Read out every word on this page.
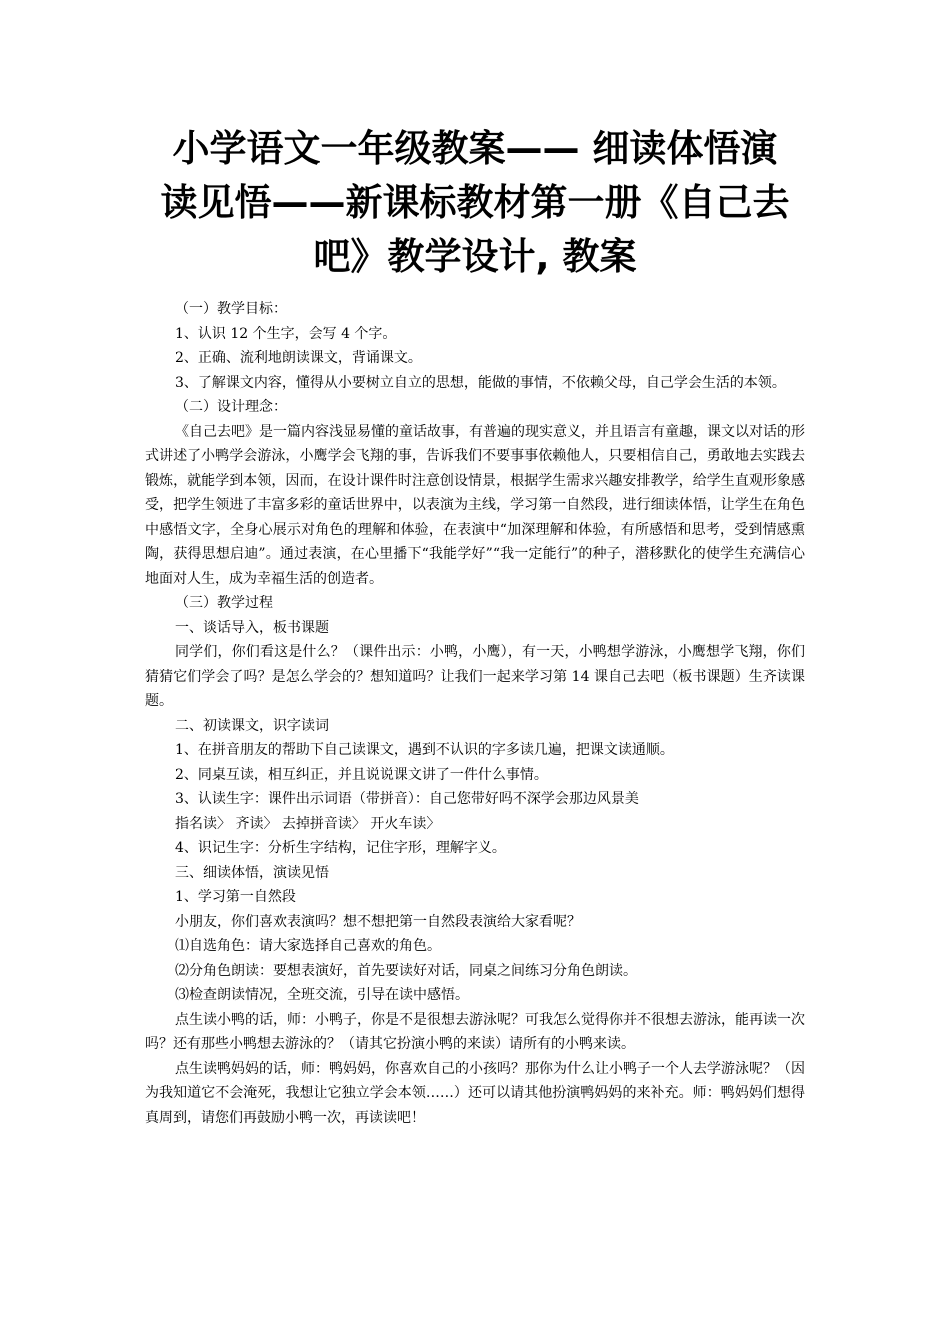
小学语文一年级教案—— 细读体悟演
读见悟——新课标教材第一册《自己去
吧》教学设计, 教案

（一）教学目标：

1、认识 12 个生字，会写 4 个字。

2、正确、流利地朗读课文，背诵课文。

3、了解课文内容，懂得从小要树立自立的思想，能做的事情，不依赖父母，自己学会生活的本领。

（二）设计理念：

《自己去吧》是一篇内容浅显易懂的童话故事，有普遍的现实意义，并且语言有童趣，课文以对话的形式讲述了小鸭学会游泳，小鹰学会飞翔的事，告诉我们不要事事依赖他人，只要相信自己，勇敢地去实践去锻炼，就能学到本领，因而，在设计课件时注意创设情景，根据学生需求兴趣安排教学，给学生直观形象感受，把学生领进了丰富多彩的童话世界中，以表演为主线，学习第一自然段，进行细读体悟，让学生在角色中感悟文字，全身心展示对角色的理解和体验，在表演中“加深理解和体验，有所感悟和思考，受到情感熏陶，获得思想启迪”。通过表演，在心里播下“我能学好”“我一定能行”的种子，潜移默化的使学生充满信心地面对人生，成为幸福生活的创造者。

（三）教学过程

一、谈话导入，板书课题

同学们，你们看这是什么？（课件出示：小鸭，小鹰），有一天，小鸭想学游泳，小鹰想学飞翔，你们猜猜它们学会了吗？是怎么学会的？想知道吗？让我们一起来学习第 14 课自己去吧（板书课题）生齐读课题。

二、初读课文，识字读词

1、在拼音朋友的帮助下自己读课文，遇到不认识的字多读几遍，把课文读通顺。

2、同桌互读，相互纠正，并且说说课文讲了一件什么事情。

3、认读生字：课件出示词语（带拼音）：自己您带好吗不深学会那边风景美

指名读〉 齐读〉 去掉拼音读〉 开火车读〉

4、识记生字：分析生字结构，记住字形，理解字义。

三、细读体悟，演读见悟

1、学习第一自然段

小朋友，你们喜欢表演吗？想不想把第一自然段表演给大家看呢？

⑴自选角色：请大家选择自己喜欢的角色。

⑵分角色朗读：要想表演好，首先要读好对话，同桌之间练习分角色朗读。

⑶检查朗读情况，全班交流，引导在读中感悟。

点生读小鸭的话，师：小鸭子，你是不是很想去游泳呢？可我怎么觉得你并不很想去游泳，能再读一次吗？还有那些小鸭想去游泳的？（请其它扮演小鸭的来读）请所有的小鸭来读。

点生读鸭妈妈的话，师：鸭妈妈，你喜欢自己的小孩吗？那你为什么让小鸭子一个人去学游泳呢？（因为我知道它不会淹死，我想让它独立学会本领……）还可以请其他扮演鸭妈妈的来补充。师：鸭妈妈们想得真周到，请您们再鼓励小鸭一次，再读读吧！
